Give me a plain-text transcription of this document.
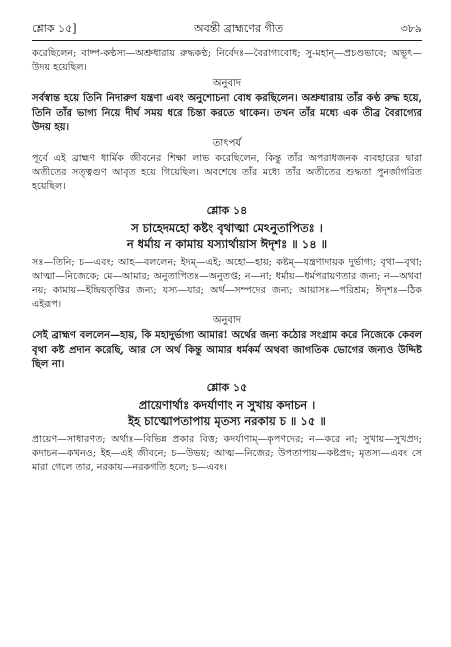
শ্লোক ১৫]	অবন্তী ব্রাহ্মণের গীত	৩৮৯

করেছিলেন; বাষ্প-কণ্ঠস্য—অশ্রুধারায় রুদ্ধকণ্ঠ; নির্বেদঃ—বৈরাগ্যবোধ; সু-মহান্—প্রচণ্ডভাবে; অভূৎ—উদয় হয়েছিল।

অনুবাদ

সর্বস্বান্ত হয়ে তিনি নিদারুণ যন্ত্রণা এবং অনুশোচনা বোধ করছিলেন। অশ্রুধারায় তাঁর কণ্ঠ রুদ্ধ হয়ে, তিনি তাঁর ভাগ্য নিয়ে দীর্ঘ সময় ধরে চিন্তা করতে থাকেন। তখন তাঁর মধ্যে এক তীব্র বৈরাগ্যের উদয় হয়।

তাৎপর্য

পূর্বে এই ব্রাহ্মণ ধার্মিক জীবনের শিক্ষা লাভ করেছিলেন, কিন্তু তাঁর অপরাধজনক ব্যবহারের দ্বারা অতীতের সত্ত্বগুণ আবৃত হয়ে গিয়েছিল। অবশেষে তাঁর মধ্যে তাঁর অতীতের শুদ্ধতা পুনর্জাগরিত হয়েছিল।

শ্লোক ১৪

স চাহেদমহো কষ্টং বৃথাত্মা মেঽনুতাপিতঃ ।

ন ধর্মায় ন কামায় যস্যার্থায়াস ঈদৃশঃ ॥ ১৪ ॥

সঃ—তিনি; চ—এবং; আহ—বললেন; ইদম্—এই; অহো—হায়; কষ্টম্—যন্ত্রণাদায়ক দুর্ভাগ্য; বৃথা—বৃথা; আত্মা—নিজেকে; মে—আমার; অনুতাপিতঃ—অনুতপ্ত; ন—না; ধর্মায়—ধর্মপরায়ণতার জন্য; ন—অথবা নয়; কামায়—ইন্দ্রিয়তৃপ্তির জন্য; যস্য—যার; অর্থ—সম্পদের জন্য; আয়াসঃ—পরিশ্রম; ঈদৃশঃ—ঠিক এইরূপ।

অনুবাদ

সেই ব্রাহ্মণ বললেন—হায়, কি মহাদুর্ভাগ্য আমার! অর্থের জন্য কঠোর সংগ্রাম করে নিজেকে কেবল বৃথা কষ্ট প্রদান করেছি, আর সে অর্থ কিন্তু আমার ধর্মকর্ম অথবা জাগতিক ভোগের জন্যও উদ্দিষ্ট ছিল না।

শ্লোক ১৫

প্রায়েণার্থাঃ কদর্যাণাং ন সুখায় কদাচন ।

ইহ চাত্মোপতাপায় মৃতস্য নরকায় চ ॥ ১৫ ॥

প্রায়েণ—সাধারণত; অর্থাঃ—বিভিন্ন প্রকার বিত্ত; কদর্যাণাম্—কৃপণদের; ন—করে না; সুখায়—সুখপ্রদ; কদাচন—কখনও; ইহ—এই জীবনে; চ—উভয়; আত্ম—নিজের; উপতাপায়—কষ্টপ্রদ; মৃতস্য—এবং সে মারা গেলে তার, নরকায়—নরকগতি হলে; চ—এবং।
